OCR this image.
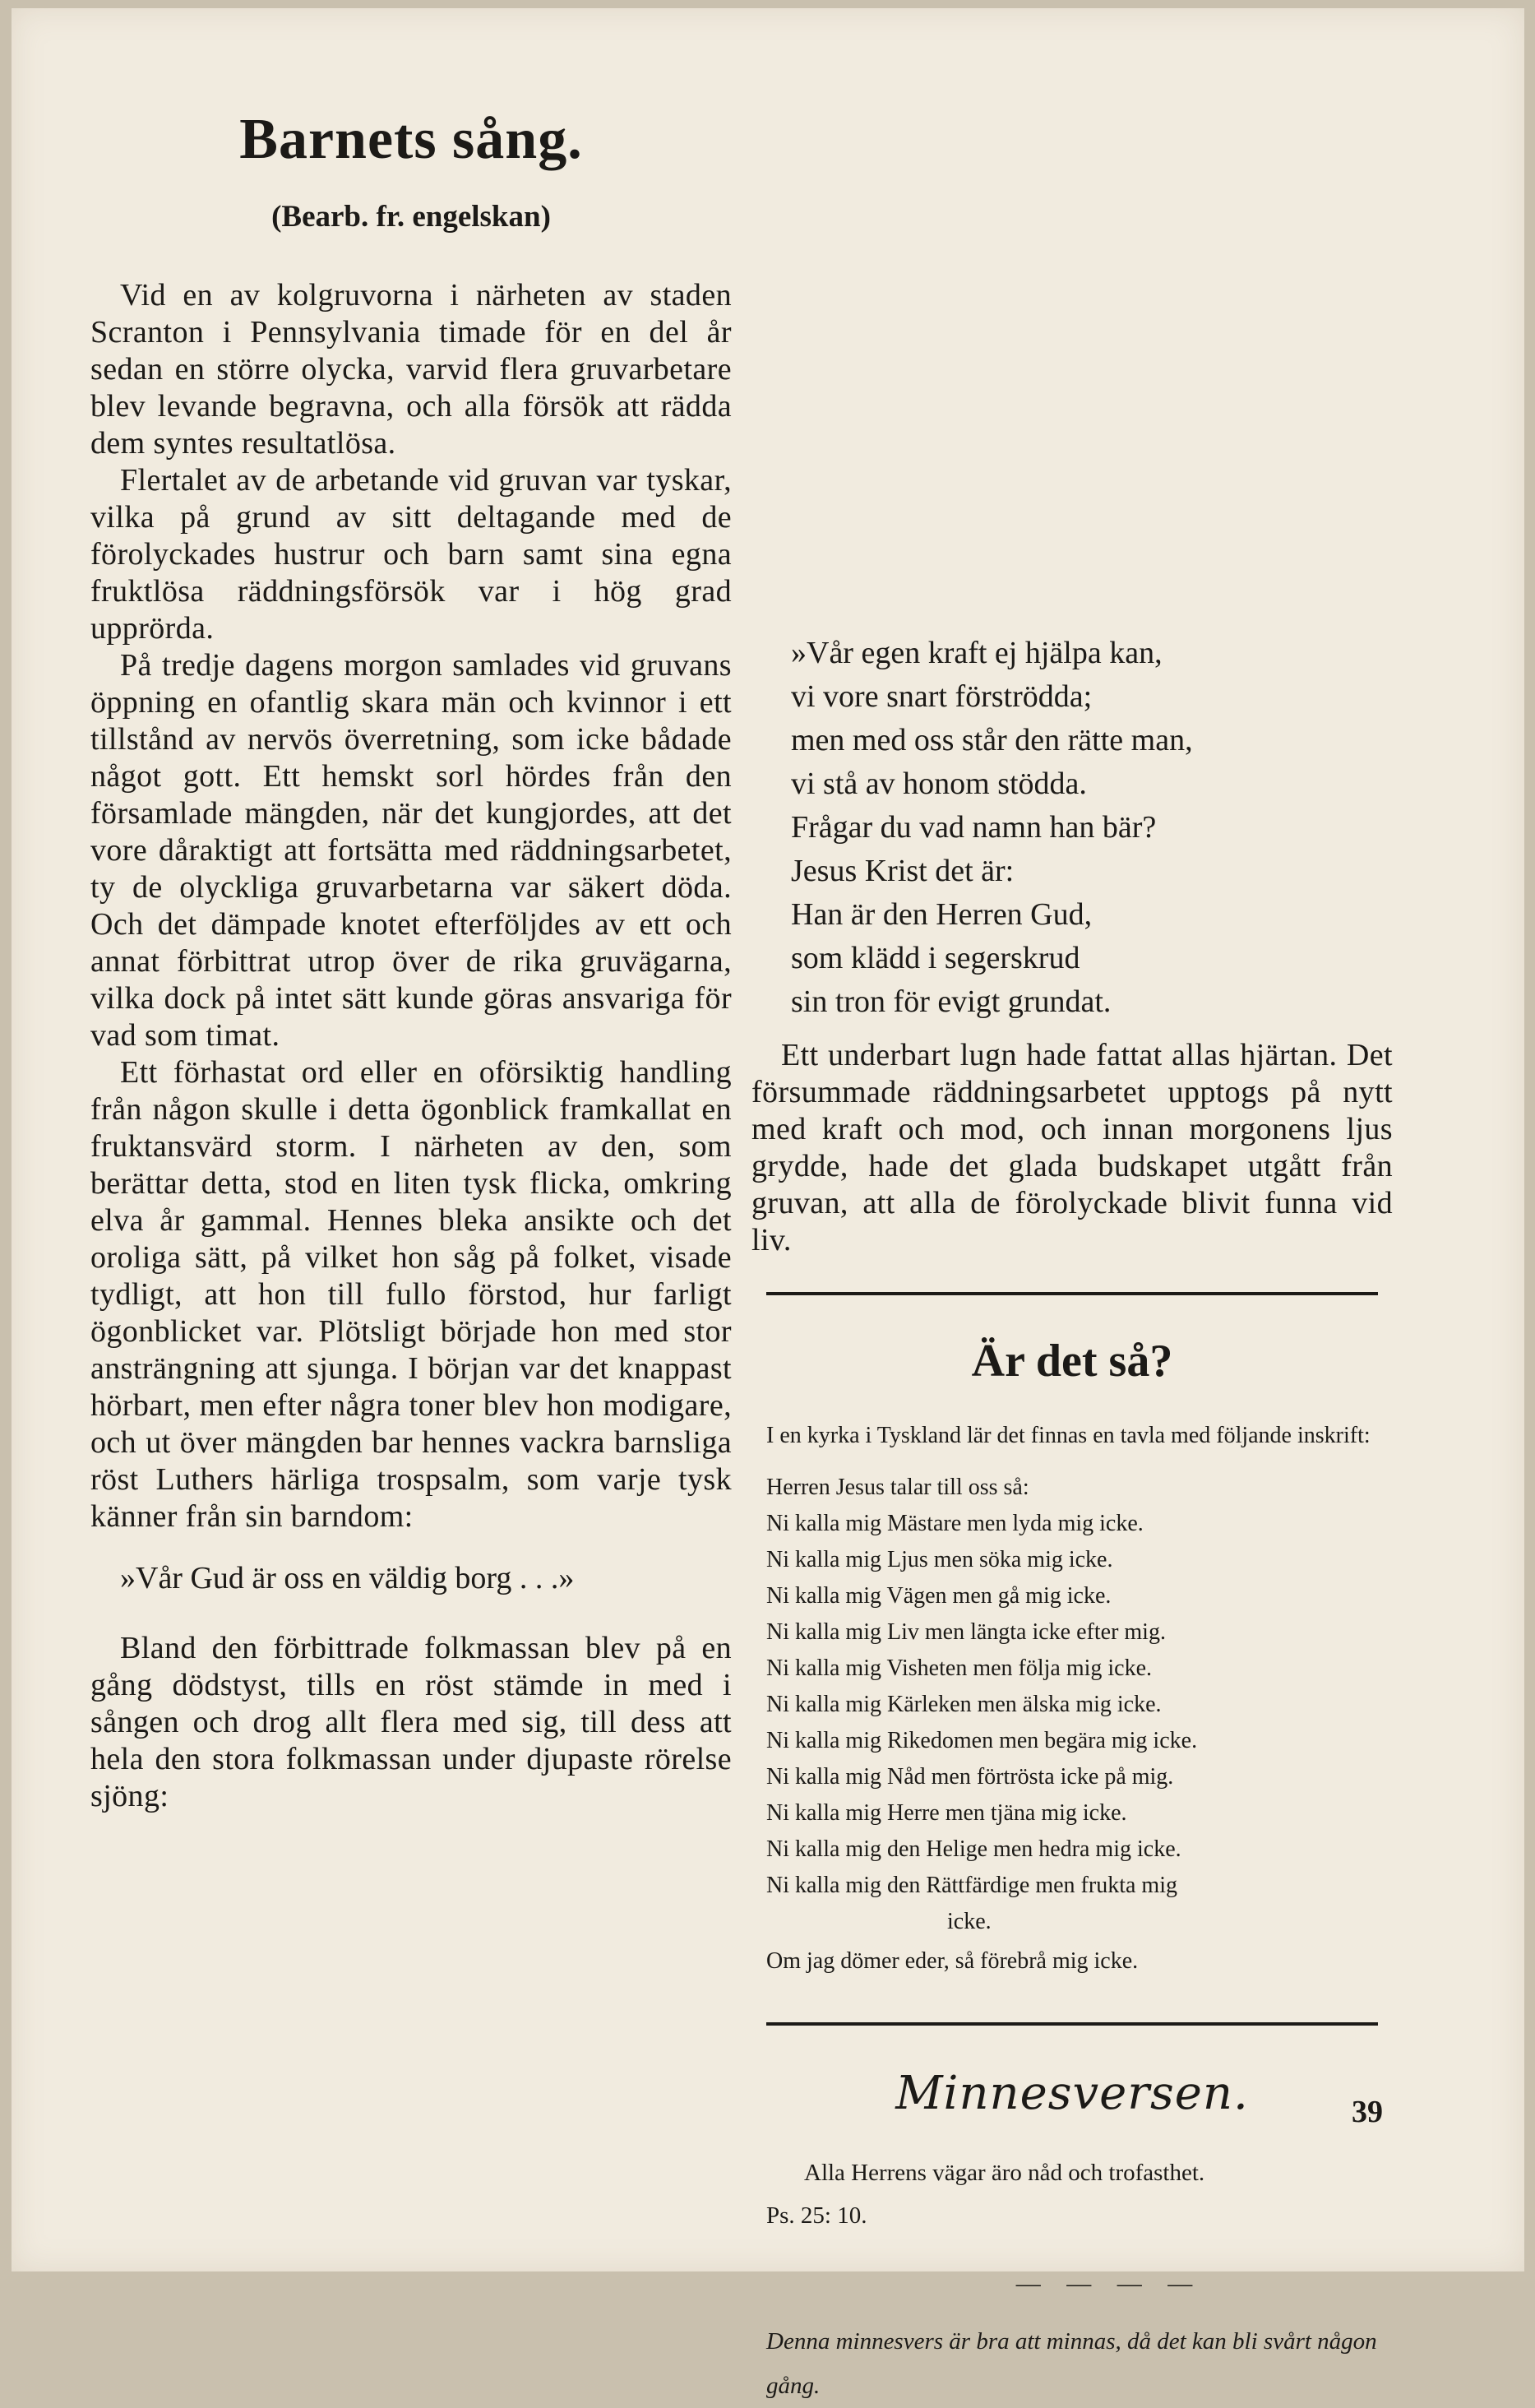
Barnets sång.
(Bearb. fr. engelskan)

Vid en av kolgruvorna i närheten av staden Scranton i Pennsylvania timade för en del år sedan en större olycka, varvid flera gruvarbetare blev levande begravna, och alla försök att rädda dem syntes resultatlösa.

Flertalet av de arbetande vid gruvan var tyskar, vilka på grund av sitt deltagande med de förolyckades hustrur och barn samt sina egna fruktlösa räddningsförsök var i hög grad upprörda.

På tredje dagens morgon samlades vid gruvans öppning en ofantlig skara män och kvinnor i ett tillstånd av nervös överretning, som icke bådade något gott. Ett hemskt sorl hördes från den församlade mängden, när det kungjordes, att det vore dåraktigt att fortsätta med räddningsarbetet, ty de olyckliga gruvarbetarna var säkert döda. Och det dämpade knotet efterföljdes av ett och annat förbittrat utrop över de rika gruvägarna, vilka dock på intet sätt kunde göras ansvariga för vad som timat.

Ett förhastat ord eller en oförsiktig handling från någon skulle i detta ögonblick framkallat en fruktansvärd storm. I närheten av den, som berättar detta, stod en liten tysk flicka, omkring elva år gammal. Hennes bleka ansikte och det oroliga sätt, på vilket hon såg på folket, visade tydligt, att hon till fullo förstod, hur farligt ögonblicket var. Plötsligt började hon med stor ansträngning att sjunga. I början var det knappast hörbart, men efter några toner blev hon modigare, och ut över mängden bar hennes vackra barnsliga röst Luthers härliga trospsalm, som varje tysk känner från sin barndom:

»Vår Gud är oss en väldig borg . . .»

Bland den förbittrade folkmassan blev på en gång dödstyst, tills en röst stämde in med i sången och drog allt flera med sig, till dess att hela den stora folkmassan under djupaste rörelse sjöng:

»Vår egen kraft ej hjälpa kan,
vi vore snart förströdda;
men med oss står den rätte man,
vi stå av honom stödda.
Frågar du vad namn han bär?
Jesus Krist det är:
Han är den Herren Gud,
som klädd i segerskrud
sin tron för evigt grundat.

Ett underbart lugn hade fattat allas hjärtan. Det försummade räddningsarbetet upptogs på nytt med kraft och mod, och innan morgonens ljus grydde, hade det glada budskapet utgått från gruvan, att alla de förolyckade blivit funna vid liv.

Är det så?

I en kyrka i Tyskland lär det finnas en tavla med följande inskrift:

Herren Jesus talar till oss så:
Ni kalla mig Mästare men lyda mig icke.
Ni kalla mig Ljus men söka mig icke.
Ni kalla mig Vägen men gå mig icke.
Ni kalla mig Liv men längta icke efter mig.
Ni kalla mig Visheten men följa mig icke.
Ni kalla mig Kärleken men älska mig icke.
Ni kalla mig Rikedomen men begära mig icke.
Ni kalla mig Nåd men förtrösta icke på mig.
Ni kalla mig Herre men tjäna mig icke.
Ni kalla mig den Helige men hedra mig icke.
Ni kalla mig den Rättfärdige men frukta mig
icke.
Om jag dömer eder, så förebrå mig icke.
Minnesversen.
Alla Herrens vägar äro nåd och trofasthet.
Ps. 25: 10.
— — — —
Denna minnesvers är bra att minnas, då det kan bli svårt någon gång.
39
